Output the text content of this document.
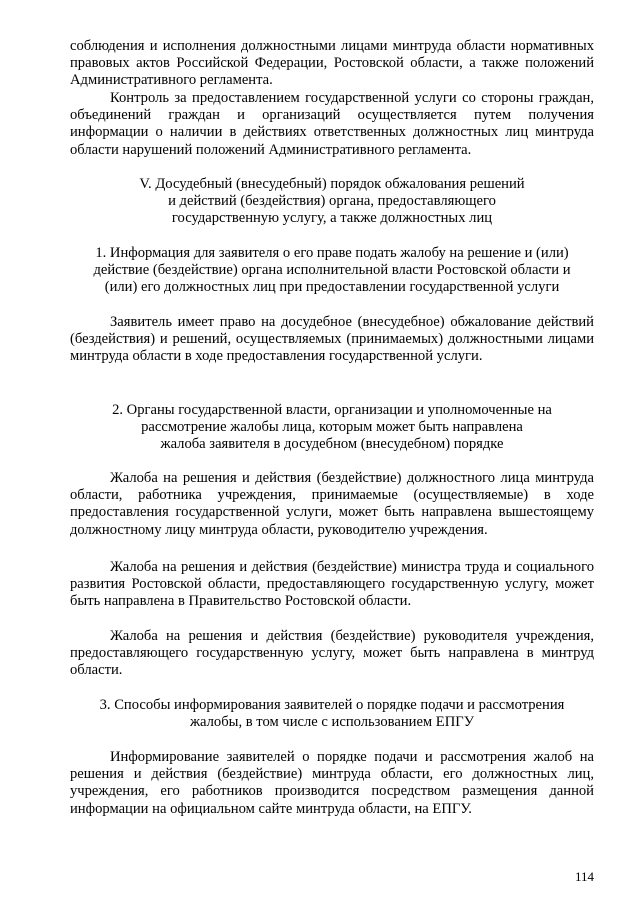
соблюдения и исполнения должностными лицами минтруда области нормативных правовых актов Российской Федерации, Ростовской области, а также положений Административного регламента.

Контроль за предоставлением государственной услуги со стороны граждан, объединений граждан и организаций осуществляется путем получения информации о наличии в действиях ответственных должностных лиц минтруда области нарушений положений Административного регламента.

V. Досудебный (внесудебный) порядок обжалования решений

и действий (бездействия) органа, предоставляющего

государственную услугу, а также должностных лиц

1. Информация для заявителя о его праве подать жалобу на решение и (или)

действие (бездействие) органа исполнительной власти Ростовской области и

(или) его должностных лиц при предоставлении государственной услуги

Заявитель имеет право на досудебное (внесудебное) обжалование действий (бездействия) и решений, осуществляемых (принимаемых) должностными лицами минтруда области в ходе предоставления государственной услуги.

2. Органы государственной власти, организации и уполномоченные на

рассмотрение жалобы лица, которым может быть направлена

жалоба заявителя в досудебном (внесудебном) порядке

Жалоба на решения и действия (бездействие) должностного лица минтруда области, работника учреждения, принимаемые (осуществляемые) в ходе предоставления государственной услуги, может быть направлена вышестоящему должностному лицу минтруда области, руководителю учреждения.

Жалоба на решения и действия (бездействие) министра труда и социального развития Ростовской области, предоставляющего государственную услугу, может быть направлена в Правительство Ростовской области.

Жалоба на решения и действия (бездействие) руководителя учреждения, предоставляющего государственную услугу, может быть направлена в минтруд области.

3. Способы информирования заявителей о порядке подачи и рассмотрения

жалобы, в том числе с использованием ЕПГУ

Информирование заявителей о порядке подачи и рассмотрения жалоб на решения и действия (бездействие) минтруда области, его должностных лиц, учреждения, его работников производится посредством размещения данной информации на официальном сайте минтруда области, на ЕПГУ.

114
